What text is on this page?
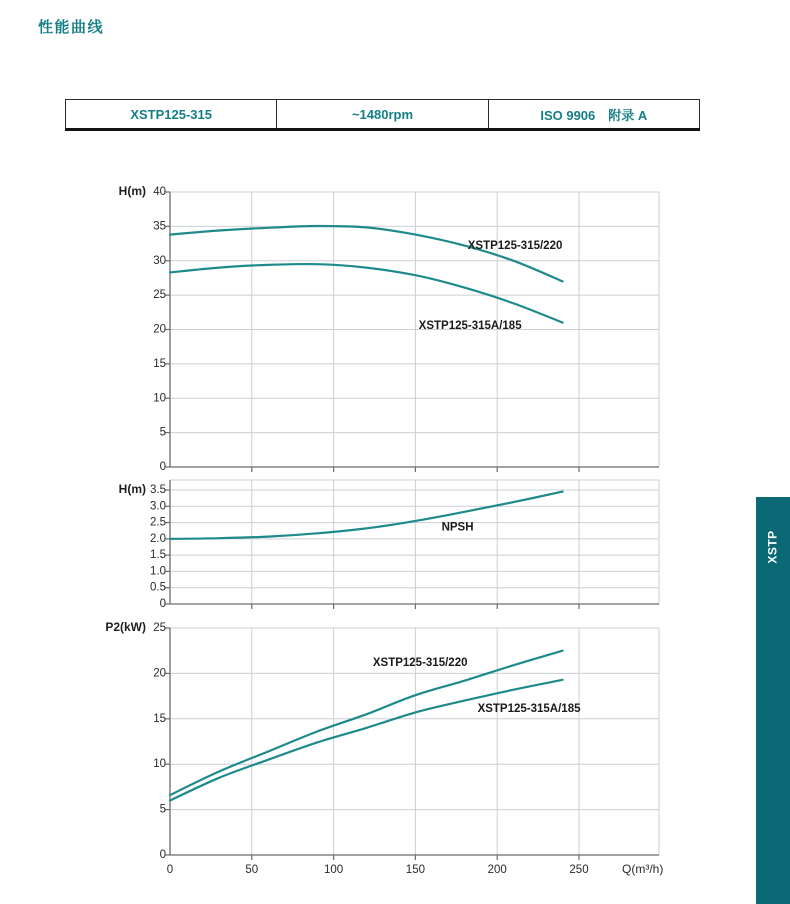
性能曲线
XSTP125-315	~1480rpm	ISO 9906　附录 A
0
5
10
15
20
25
30
35
40
H(m)
XSTP125-315/220
XSTP125-315A/185
0
0.5
1.0
1.5
2.0
2.5
3.0
3.5
H(m)
NPSH
0
5
10
15
20
25
P2(kW)
0	50	100	150	200	250	Q(m³/h)
XSTP125-315/220
XSTP125-315A/185
XSTP
